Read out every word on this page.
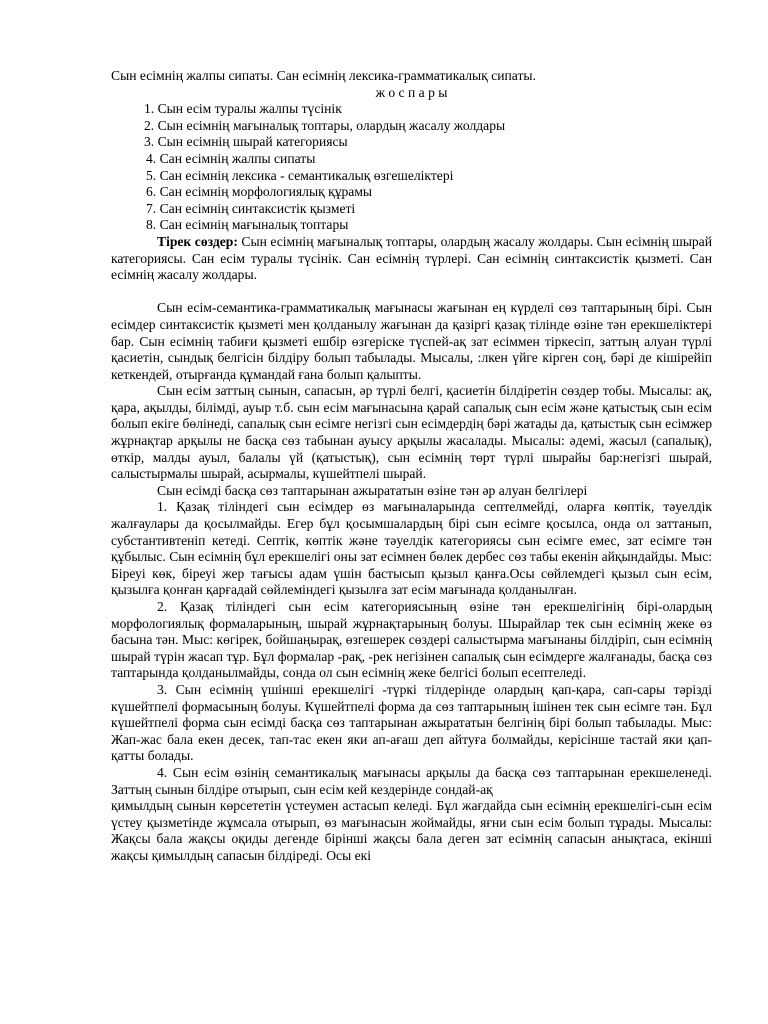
Сын есімнің жалпы сипаты. Сан есімнің лексика-грамматикалық сипаты.
ж о с п а р ы
1. Сын есім туралы жалпы түсінік
2. Сын есімнің мағыналық топтары, олардың жасалу жолдары
3. Сын есімнің шырай категориясы
4. Сан есімнің жалпы сипаты
5. Сан есімнің лексика - семантикалық өзгешеліктері
6. Сан есімнің морфологиялық құрамы
7. Сан есімнің синтаксистік қызметі
8. Сан есімнің мағыналық топтары

Тірек сөздер: Сын есімнің мағыналық топтары, олардың жасалу жолдары. Сын есімнің шырай категориясы. Сан есім туралы түсінік. Сан есімнің түрлері. Сан есімнің синтаксистік қызметі. Сан есімнің жасалу жолдары.

Сын есім-семантика-грамматикалық мағынасы жағынан ең күрделі сөз таптарының бірі. Сын есімдер синтаксистік қызметі мен қолданылу жағынан да қазіргі қазақ тілінде өзіне тән ерекшеліктері бар. Сын есімнің табиғи қызметі ешбір өзгеріске түспей-ақ зат есіммен тіркесіп, заттың алуан түрлі қасиетін, сындық белгісін білдіру болып табылады. Мысалы, :лкен үйге кірген соң, бәрі де кішірейіп кеткендей, отырғанда құмандай ғана болып қалыпты.

Сын есім заттың сынын, сапасын, әр түрлі белгі, қасиетін білдіретін сөздер тобы. Мысалы: ақ, қара, ақылды, білімді, ауыр т.б. сын есім мағынасына қарай сапалық сын есім және қатыстық сын есім болып екіге бөлінеді, сапалық сын есімге негізгі сын есімдердің бәрі жатады да, қатыстық сын есімжер жұрнақтар арқылы не басқа сөз табынан ауысу арқылы жасалады. Мысалы: әдемі, жасыл (сапалық), өткір, малды ауыл, балалы үй (қатыстық), сын есімнің төрт түрлі шырайы бар:негізгі шырай, салыстырмалы шырай, асырмалы, күшейтпелі шырай.

Сын есімді басқа сөз таптарынан ажырататын өзіне тән әр алуан белгілері

1. Қазақ тіліндегі сын есімдер өз мағыналарында септелмейді, оларға көптік, тәуелдік жалғаулары да қосылмайды. Егер бұл қосымшалардың бірі сын есімге қосылса, онда ол заттанып, субстантивтеніп кетеді. Септік, көптік және тәуелдік категориясы сын есімге емес, зат есімге тән құбылыс. Сын есімнің бұл ерекшелігі оны зат есімнен бөлек дербес сөз табы екенін айқындайды. Мыс: Біреуі көк, біреуі жер тағысы адам үшін бастысып қызыл қанға.Осы сөйлемдегі қызыл сын есім, қызылға қонған қарғадай сөйлеміндегі қызылға зат есім мағынада қолданылған.

2. Қазақ тіліндегі сын есім категориясының өзіне тән ерекшелігінің бірі-олардың морфологиялық формаларының, шырай жұрнақтарының болуы. Шырайлар тек сын есімнің жеке өз басына тән. Мыс: көгірек, бойшаңырақ, өзгешерек сөздері салыстырма мағынаны білдіріп, сын есімнің шырай түрін жасап тұр. Бұл формалар -рақ, -рек негізінен сапалық сын есімдерге жалғанады, басқа сөз таптарында қолданылмайды, сонда ол сын есімнің жеке белгісі болып есептеледі.

3. Сын есімнің үшінші ерекшелігі -түркі тілдерінде олардың қап-қара, сап-сары тәрізді күшейтпелі формасының болуы. Күшейтпелі форма да сөз таптарының ішінен тек сын есімге тән. Бұл күшейтпелі форма сын есімді басқа сөз таптарынан ажырататын белгінің бірі болып табылады. Мыс: Жап-жас бала екен десек, тап-тас екен яки ап-ағаш деп айтуға болмайды, керісінше тастай яки қап-қатты болады.

4. Сын есім өзінің семантикалық мағынасы арқылы да басқа сөз таптарынан ерекшеленеді. Заттың сынын білдіре отырып, сын есім кей кездерінде сондай-ақ

қимылдың сынын көрсететін үстеумен астасып келеді. Бұл жағдайда сын есімнің ерекшелігі-сын есім үстеу қызметінде жұмсала отырып, өз мағынасын жоймайды, яғни сын есім болып тұрады. Мысалы: Жақсы бала жақсы оқиды дегенде бірінші жақсы бала деген зат есімнің сапасын анықтаса, екінші жақсы қимылдың сапасын білдіреді. Осы екі
